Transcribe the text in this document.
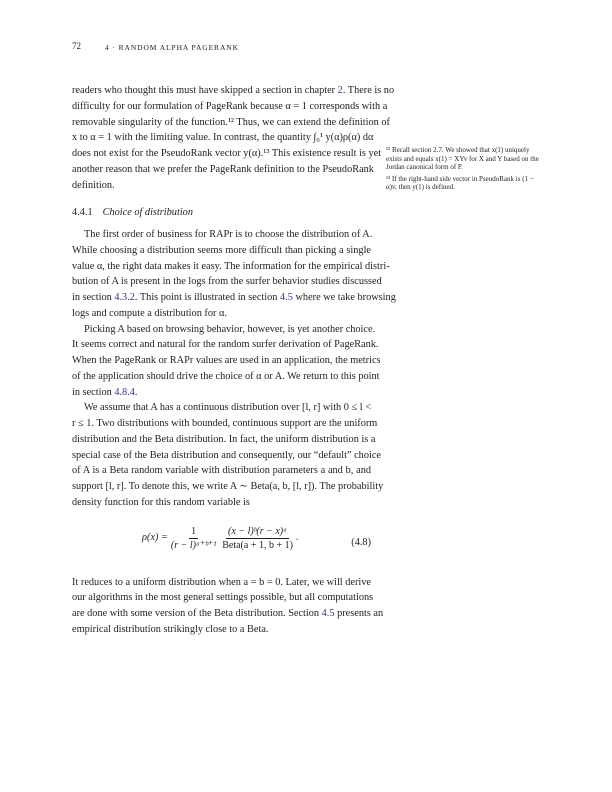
72	4 · RANDOM ALPHA PAGERANK
readers who thought this must have skipped a section in chapter 2. There is no
difficulty for our formulation of PageRank because α = 1 corresponds with a
removable singularity of the function.¹² Thus, we can extend the definition of
x to α = 1 with the limiting value. In contrast, the quantity ∫₀¹ y(α)ρ(α) dα
does not exist for the PseudoRank vector y(α).¹³ This existence result is yet
another reason that we prefer the PageRank definition to the PseudoRank
definition.
4.4.1 Choice of distribution
The first order of business for RAPr is to choose the distribution of A.
While choosing a distribution seems more difficult than picking a single
value α, the right data makes it easy. The information for the empirical distri-
bution of A is present in the logs from the surfer behavior studies discussed
in section 4.3.2. This point is illustrated in section 4.5 where we take browsing
logs and compute a distribution for α.
Picking A based on browsing behavior, however, is yet another choice.
It seems correct and natural for the random surfer derivation of PageRank.
When the PageRank or RAPr values are used in an application, the metrics
of the application should drive the choice of α or A. We return to this point
in section 4.8.4.
We assume that A has a continuous distribution over [l, r] with 0 ≤ l <
r ≤ 1. Two distributions with bounded, continuous support are the uniform
distribution and the Beta distribution. In fact, the uniform distribution is a
special case of the Beta distribution and consequently, our “default” choice
of A is a Beta random variable with distribution parameters a and b, and
support [l, r]. To denote this, we write A ∼ Beta(a, b, [l, r]). The probability
density function for this random variable is
$\rho(x) = \frac{1}{\text{(r − l)ᵃ⁺ᵇ⁺¹}} \frac{\text{(x − l)ᵇ(r − x)ᵃ}}{\text{Beta(a + 1, b + 1)}}$ .	(4.8)
It reduces to a uniform distribution when a = b = 0. Later, we will derive
our algorithms in the most general settings possible, but all computations
are done with some version of the Beta distribution. Section 4.5 presents an
empirical distribution strikingly close to a Beta.

¹² Recall section 2.7. We showed that x(1) uniquely exists and equals x(1) = XYv for X and Y based on the Jordan canonical form of P.

¹³ If the right-hand side vector in PseudoRank is (1 − α)v, then y(1) is defined.
